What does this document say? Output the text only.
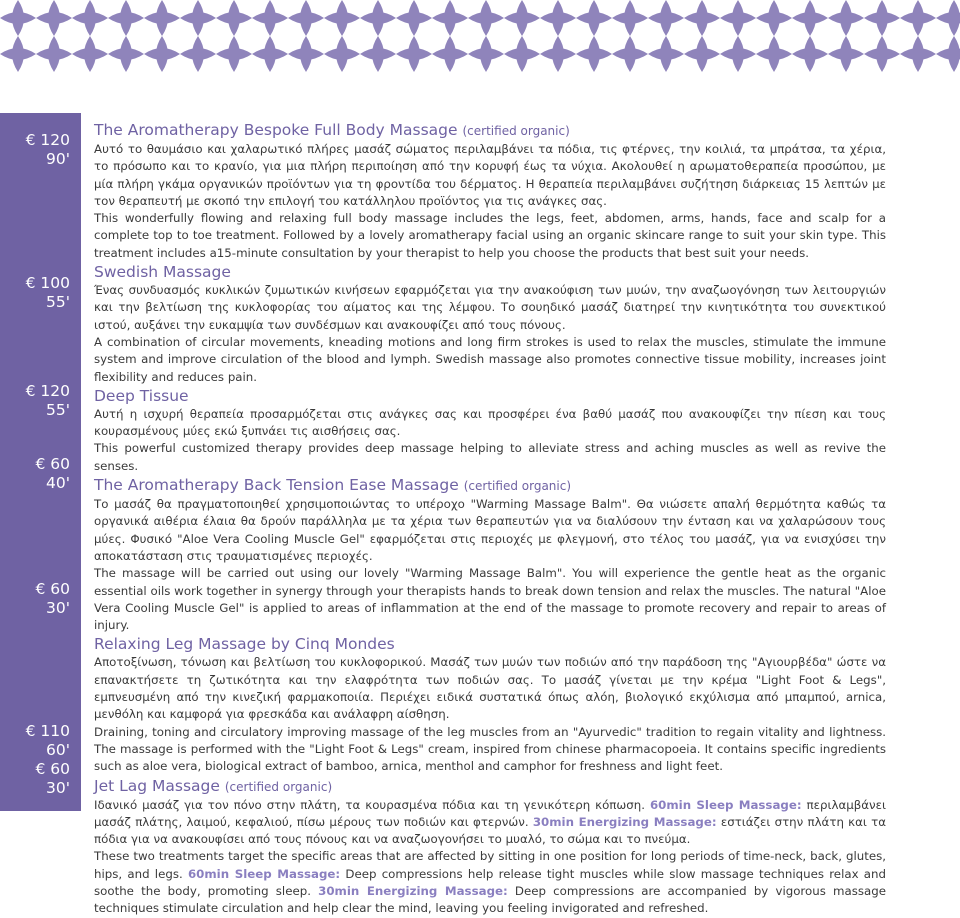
€ 120
90'
€ 100
55'
€ 120
55'
€ 60
40'
€ 60
30'
€ 110
60'
€ 60
30'
The Aromatherapy Bespoke Full Body Massage (certified organic)

Αυτό το θαυμάσιο και χαλαρωτικό πλήρες μασάζ σώματος περιλαμβάνει τα πόδια, τις φτέρνες, την κοιλιά, τα μπράτσα, τα χέρια, το πρόσωπο και το κρανίο, για μια πλήρη περιποίηση από την κορυφή έως τα νύχια. Ακολουθεί η αρωματοθεραπεία προσώπου, με μία πλήρη γκάμα οργανικών προϊόντων για τη φροντίδα του δέρματος. Η θεραπεία περιλαμβάνει συζήτηση διάρκειας 15 λεπτών με τον θεραπευτή με σκοπό την επιλογή του κατάλληλου προϊόντος για τις ανάγκες σας.

This wonderfully flowing and relaxing full body massage includes the legs, feet, abdomen, arms, hands, face and scalp for a complete top to toe treatment. Followed by a lovely aromatherapy facial using an organic skincare range to suit your skin type. This treatment includes a15-minute consultation by your therapist to help you choose the products that best suit your needs.

Swedish Massage

Ένας συνδυασμός κυκλικών ζυμωτικών κινήσεων εφαρμόζεται για την ανακούφιση των μυών, την αναζωογόνηση των λειτουργιών και την βελτίωση της κυκλοφορίας του αίματος και της λέμφου. Το σουηδικό μασάζ διατηρεί την κινητικότητα του συνεκτικού ιστού, αυξάνει την ευκαμψία των συνδέσμων και ανακουφίζει από τους πόνους.

A combination of circular movements, kneading motions and long firm strokes is used to relax the muscles, stimulate the immune system and improve circulation of the blood and lymph. Swedish massage also promotes connective tissue mobility, increases joint flexibility and reduces pain.

Deep Tissue

Αυτή η ισχυρή θεραπεία προσαρμόζεται στις ανάγκες σας και προσφέρει ένα βαθύ μασάζ που ανακουφίζει την πίεση και τους κουρασμένους μύες εκώ ξυπνάει τις αισθήσεις σας.

This powerful customized therapy provides deep massage helping to alleviate stress and aching muscles as well as revive the senses.

The Aromatherapy Back Tension Ease Massage (certified organic)

Το μασάζ θα πραγματοποιηθεί χρησιμοποιώντας το υπέροχο "Warming Massage Balm". Θα νιώσετε απαλή θερμότητα καθώς τα οργανικά αιθέρια έλαια θα δρούν παράλληλα με τα χέρια των θεραπευτών για να διαλύσουν την ένταση και να χαλαρώσουν τους μύες. Φυσικό "Aloe Vera Cooling Muscle Gel" εφαρμόζεται στις περιοχές με φλεγμονή, στο τέλος του μασάζ, για να ενισχύσει την αποκατάσταση στις τραυματισμένες περιοχές.

The massage will be carried out using our lovely "Warming Massage Balm". You will experience the gentle heat as the organic essential oils work together in synergy through your therapists hands to break down tension and relax the muscles. The natural "Aloe Vera Cooling Muscle Gel" is applied to areas of inflammation at the end of the massage to promote recovery and repair to areas of injury.

Relaxing Leg Massage by Cinq Mondes

Αποτοξίνωση, τόνωση και βελτίωση του κυκλοφορικού. Μασάζ των μυών των ποδιών από την παράδοση της "Αγιουρβέδα" ώστε να επανακτήσετε τη ζωτικότητα και την ελαφρότητα των ποδιών σας. Το μασάζ γίνεται με την κρέμα "Light Foot & Legs", εμπνευσμένη από την κινεζική φαρμακοποιία. Περιέχει ειδικά συστατικά όπως αλόη, βιολογικό εκχύλισμα από μπαμπού, arnica, μενθόλη και καμφορά για φρεσκάδα και ανάλαφρη αίσθηση.

Draining, toning and circulatory improving massage of the leg muscles from an "Ayurvedic" tradition to regain vitality and lightness. The massage is performed with the "Light Foot & Legs" cream, inspired from chinese pharmacopoeia. It contains specific ingredients such as aloe vera, biological extract of bamboo, arnica, menthol and camphor for freshness and light feet.

Jet Lag Massage (certified organic)

Ιδανικό μασάζ για τον πόνο στην πλάτη, τα κουρασμένα πόδια και τη γενικότερη κόπωση. 60min Sleep Massage: περιλαμβάνει μασάζ πλάτης, λαιμού, κεφαλιού, πίσω μέρους των ποδιών και φτερνών. 30min Energizing Massage: εστιάζει στην πλάτη και τα πόδια για να ανακουφίσει από τους πόνους και να αναζωογονήσει το μυαλό, το σώμα και το πνεύμα.

These two treatments target the specific areas that are affected by sitting in one position for long periods of time-neck, back, glutes, hips, and legs. 60min Sleep Massage: Deep compressions help release tight muscles while slow massage techniques relax and soothe the body, promoting sleep. 30min Energizing Massage: Deep compressions are accompanied by vigorous massage techniques stimulate circulation and help clear the mind, leaving you feeling invigorated and refreshed.
